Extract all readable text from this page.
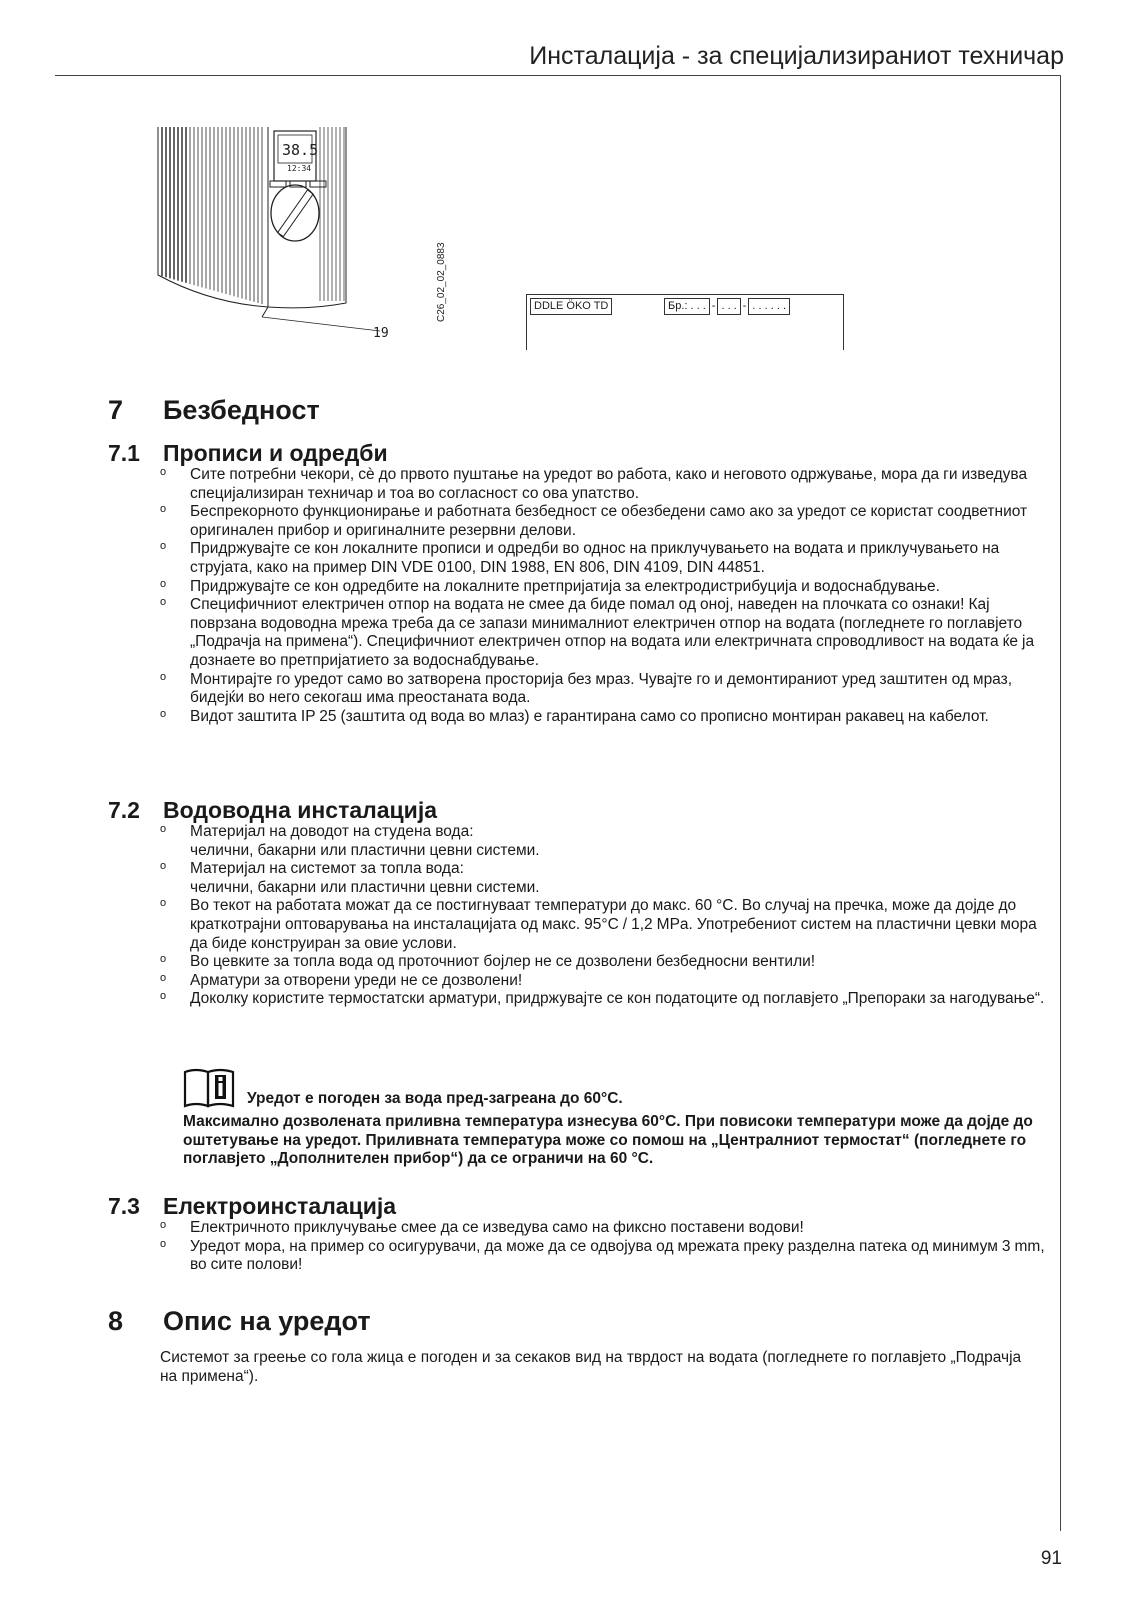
Инсталација - за специјализираниот техничар
38.5
12:34
19
C26_02_02_0883	DDLE ÖKO TD	Бр.: . . . - . . . - . . . . . .
7 Безбедност
7.1 Прописи и одредби
o Сите потребни чекори, сè до првото пуштање на уредот во работа, како и неговото одржување, мора да ги изведува специјализиран техничар и тоа во согласност со ова упатство.
o Беспрекорното функционирање и работната безбедност се обезбедени само ако за уредот се користат соодветниот оригинален прибор и оригиналните резервни делови.
o Придржувајте се кон локалните прописи и одредби во однос на приклучувањето на водата и приклучувањето на струјата, како на пример DIN VDE 0100, DIN 1988, EN 806, DIN 4109, DIN 44851.
o Придржувајте се кон одредбите на локалните претпријатија за електродистрибуција и водоснабдување.
o Специфичниот електричен отпор на водата не смее да биде помал од оној, наведен на плочката со ознаки! Кај поврзана водоводна мрежа треба да се запази минималниот електричен отпор на водата (погледнете го поглавјето „Подрачја на примена“). Специфичниот електричен отпор на водата или електричната спроводливост на водата ќе ја дознаете во претпријатието за водоснабдување.
o Монтирајте го уредот само во затворена просторија без мраз. Чувајте го и демонтираниот уред заштитен од мраз, бидејќи во него секогаш има преостаната вода.
o Видот заштита IP 25 (заштита од вода во млаз) е гарантирана само со прописно монтиран ракавец на кабелот.
7.2 Водоводна инсталација
o Материјал на доводот на студена вода:
челични, бакарни или пластични цевни системи.
o Материјал на системот за топла вода:
челични, бакарни или пластични цевни системи.
o Во текот на работата можат да се постигнуваат температури до макс. 60 °C. Во случај на пречка, може да дојде до краткотрајни оптоварувања на инсталацијата од макс. 95°C / 1,2 MPa. Употребениот систем на пластични цевки мора да биде конструиран за овие услови.
o Во цевките за топла вода од проточниот бојлер не се дозволени безбедносни вентили!
o Арматури за отворени уреди не се дозволени!
o Доколку користите термостатски арматури, придржувајте се кон податоците од поглавјето „Препораки за нагодување“.
Уредот е погоден за вода пред-загреана до 60°C.
Максимално дозволената приливна температура изнесува 60°C. При повисоки температури може да дојде до оштетување на уредот. Приливната температура може со помош на „Централниот термостат“ (погледнете го поглавјето „Дополнителен прибор“) да се ограничи на 60 °C.
7.3 Електроинсталација
o Електричното приклучување смее да се изведува само на фиксно поставени водови!
o Уредот мора, на пример со осигурувачи, да може да се одвојува од мрежата преку разделна патека од минимум 3 mm, во сите полови!
8 Опис на уредот
Системот за греење со гола жица е погоден и за секаков вид на тврдост на водата (погледнете го поглавјето „Подрачја на примена“).
91
